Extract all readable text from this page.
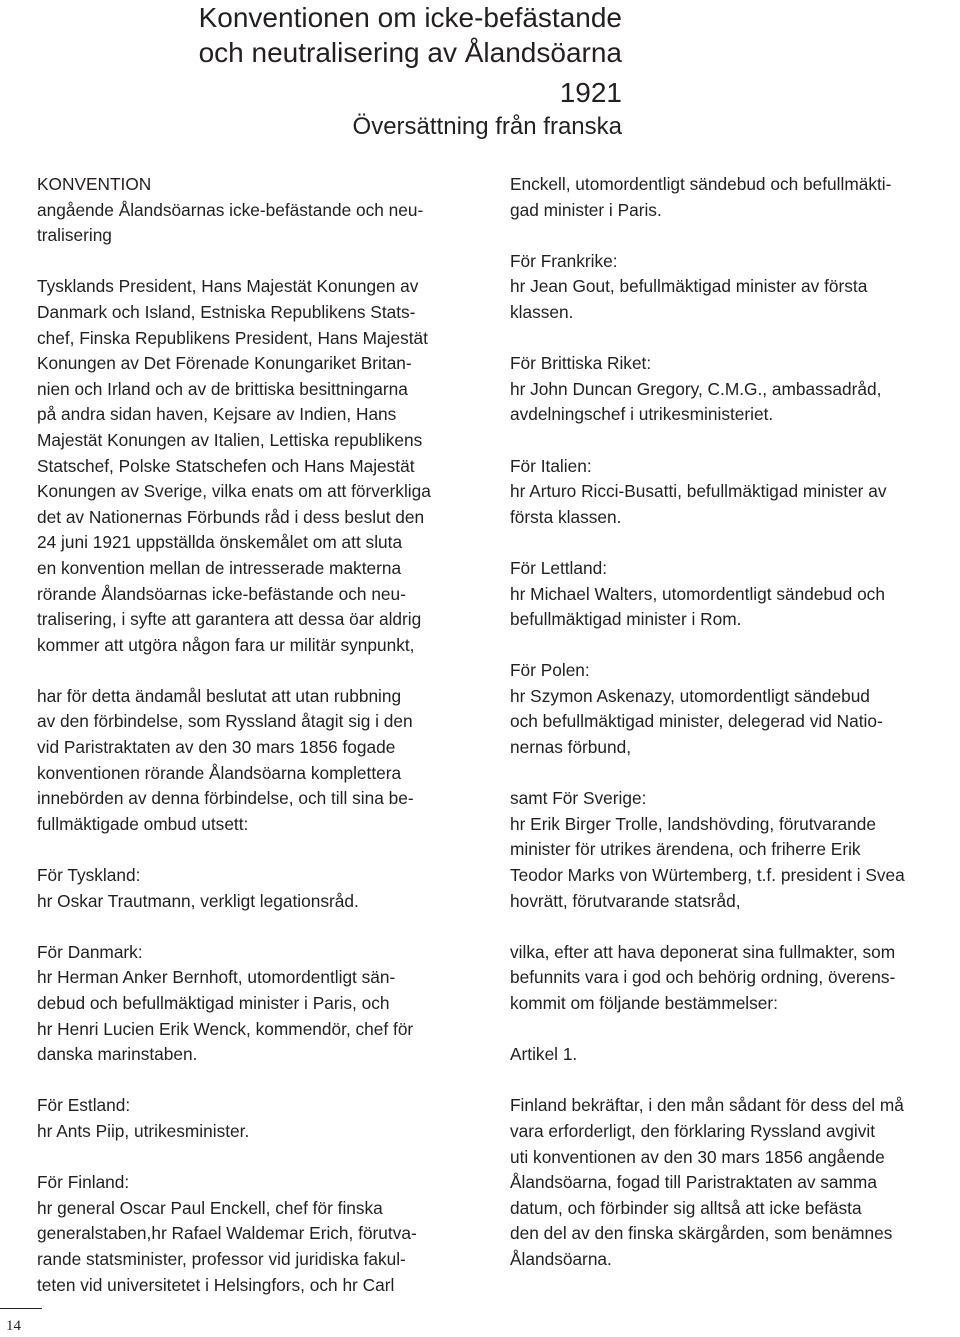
Konventionen om icke-befästande
och neutralisering av Ålandsöarna
1921
Översättning från franska
KONVENTION
angående Ålandsöarnas icke-befästande och neu-
tralisering
Tysklands President, Hans Majestät Konungen av
Danmark och Island, Estniska Republikens Stats-
chef, Finska Republikens President, Hans Majestät
Konungen av Det Förenade Konungariket Britan-
nien och Irland och av de brittiska besittningarna
på andra sidan haven, Kejsare av Indien, Hans
Majestät Konungen av Italien, Lettiska republikens
Statschef, Polske Statschefen och Hans Majestät
Konungen av Sverige, vilka enats om att förverkliga
det av Nationernas Förbunds råd i dess beslut den
24 juni 1921 uppställda önskemålet om att sluta
en konvention mellan de intresserade makterna
rörande Ålandsöarnas icke-befästande och neu-
tralisering, i syfte att garantera att dessa öar aldrig
kommer att utgöra någon fara ur militär synpunkt,
har för detta ändamål beslutat att utan rubbning
av den förbindelse, som Ryssland åtagit sig i den
vid Paristraktaten av den 30 mars 1856 fogade
konventionen rörande Ålandsöarna komplettera
innebörden av denna förbindelse, och till sina be-
fullmäktigade ombud utsett:
För Tyskland:
hr Oskar Trautmann, verkligt legationsråd.
För Danmark:
hr Herman Anker Bernhoft, utomordentligt sän-
debud och befullmäktigad minister i Paris, och
hr Henri Lucien Erik Wenck, kommendör, chef för
danska marinstaben.
För Estland:
hr Ants Piip, utrikesminister.
För Finland:
hr general Oscar Paul Enckell, chef för finska
generalstaben,hr Rafael Waldemar Erich, förutva-
rande statsminister, professor vid juridiska fakul-
teten vid universitetet i Helsingfors, och hr Carl
Enckell, utomordentligt sändebud och befullmäkti-
gad minister i Paris.
För Frankrike:
hr Jean Gout, befullmäktigad minister av första
klassen.
För Brittiska Riket:
hr John Duncan Gregory, C.M.G., ambassadråd,
avdelningschef i utrikesministeriet.
För Italien:
hr Arturo Ricci-Busatti, befullmäktigad minister av
första klassen.
För Lettland:
hr Michael Walters, utomordentligt sändebud och
befullmäktigad minister i Rom.
För Polen:
hr Szymon Askenazy, utomordentligt sändebud
och befullmäktigad minister, delegerad vid Natio-
nernas förbund,
samt För Sverige:
hr Erik Birger Trolle, landshövding, förutvarande
minister för utrikes ärendena, och friherre Erik
Teodor Marks von Würtemberg, t.f. president i Svea
hovrätt, förutvarande statsråd,
vilka, efter att hava deponerat sina fullmakter, som
befunnits vara i god och behörig ordning, överens-
kommit om följande bestämmelser:
Artikel 1.
Finland bekräftar, i den mån sådant för dess del må
vara erforderligt, den förklaring Ryssland avgivit
uti konventionen av den 30 mars 1856 angående
Ålandsöarna, fogad till Paristraktaten av samma
datum, och förbinder sig alltså att icke befästa
den del av den finska skärgården, som benämnes
Ålandsöarna.
14
